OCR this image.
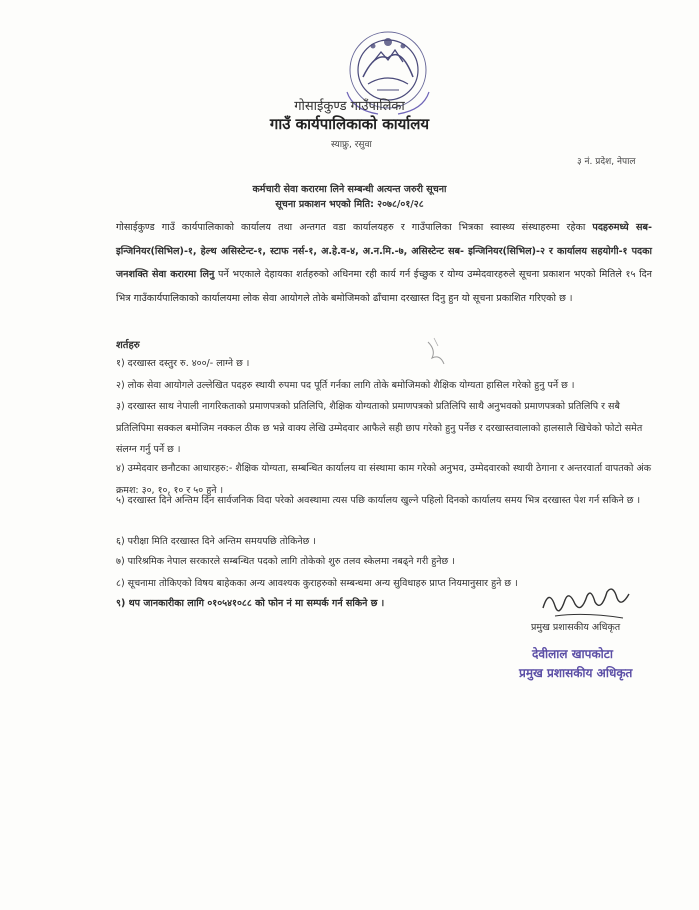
गोसाईकुण्ड गाउँपालिका
गाउँ कार्यपालिकाको कार्यालय
स्याफ्रु, रसुवा
३ नं. प्रदेश, नेपाल
कर्मचारी सेवा करारमा लिने सम्बन्धी अत्यन्त जरुरी सूचना
सूचना प्रकाशन भएको मिति: २०७८/०१/२८
गोसाईकुण्ड गाउँ कार्यपालिकाको कार्यालय तथा अन्तगत वडा कार्यालयहरु र गाउँपालिका भित्रका स्वास्थ्य संस्थाहरुमा रहेका पदहरुमध्ये सब-इन्जिनियर(सिभिल)-१, हेल्थ असिस्टेन्ट-१, स्टाफ नर्स-१, अ.हे.व-४, अ.न.मि.-७, असिस्टेन्ट सब- इन्जिनियर(सिभिल)-२ र कार्यालय सहयोगी-१ पदका जनशक्ति सेवा करारमा लिनु पर्ने भएकाले देहायका शर्तहरुको अधिनमा रही कार्य गर्न ईच्छुक र योग्य उम्मेदवारहरुले सूचना प्रकाशन भएको मितिले १५ दिन भित्र गाउँकार्यपालिकाको कार्यालयमा लोक सेवा आयोगले तोके बमोजिमको ढाँचामा दरखास्त दिनु हुन यो सूचना प्रकाशित गरिएको छ ।
शर्तहरु
१) दरखास्त दस्तुर रु. ४००/- लाग्ने छ ।
२) लोक सेवा आयोगले उल्लेखित पदहरु स्थायी रुपमा पद पूर्ति गर्नका लागि तोके बमोजिमको शैक्षिक योग्यता हासिल गरेको हुनु पर्ने छ ।
३) दरखास्त साथ नेपाली नागरिकताको प्रमाणपत्रको प्रतिलिपि, शैक्षिक योग्यताको प्रमाणपत्रको प्रतिलिपि साथै अनुभवको प्रमाणपत्रको प्रतिलिपि र सबै प्रतिलिपिमा सक्कल बमोजिम नक्कल ठीक छ भन्ने वाक्य लेखि उम्मेदवार आफैले सही छाप गरेको हुनु पर्नेछ र दरखास्तवालाको हालसालै खिचेको फोटो समेत संलग्न गर्नु पर्ने छ ।
४) उम्मेदवार छनौटका आधारहरु:- शैक्षिक योग्यता, सम्बन्धित कार्यालय वा संस्थामा काम गरेको अनुभव, उम्मेदवारको स्थायी ठेगाना र अन्तरवार्ता वापतको अंक क्रमश: ३०, १०, १० र ५० हुने ।
५) दरखास्त दिने अन्तिम दिन सार्वजनिक विदा परेको अवस्थामा त्यस पछि कार्यालय खुल्ने पहिलो दिनको कार्यालय समय भित्र दरखास्त पेश गर्न सकिने छ ।
६) परीक्षा मिति दरखास्त दिने अन्तिम समयपछि तोकिनेछ ।
७) पारिश्रमिक नेपाल सरकारले सम्बन्धित पदको लागि तोकेको शुरु तलव स्केलमा नबढ्ने गरी हुनेछ ।
८) सूचनामा तोकिएको विषय बाहेकका अन्य आवश्यक कुराहरुको सम्बन्धमा अन्य सुविधाहरु प्राप्त नियमानुसार हुने छ ।
९) थप जानकारीका लागि ०१०५४१०८८ को फोन नं मा सम्पर्क गर्न सकिने छ ।
प्रमुख प्रशासकीय अधिकृत
देवीलाल खापकोटा
प्रमुख प्रशासकीय अधिकृत
